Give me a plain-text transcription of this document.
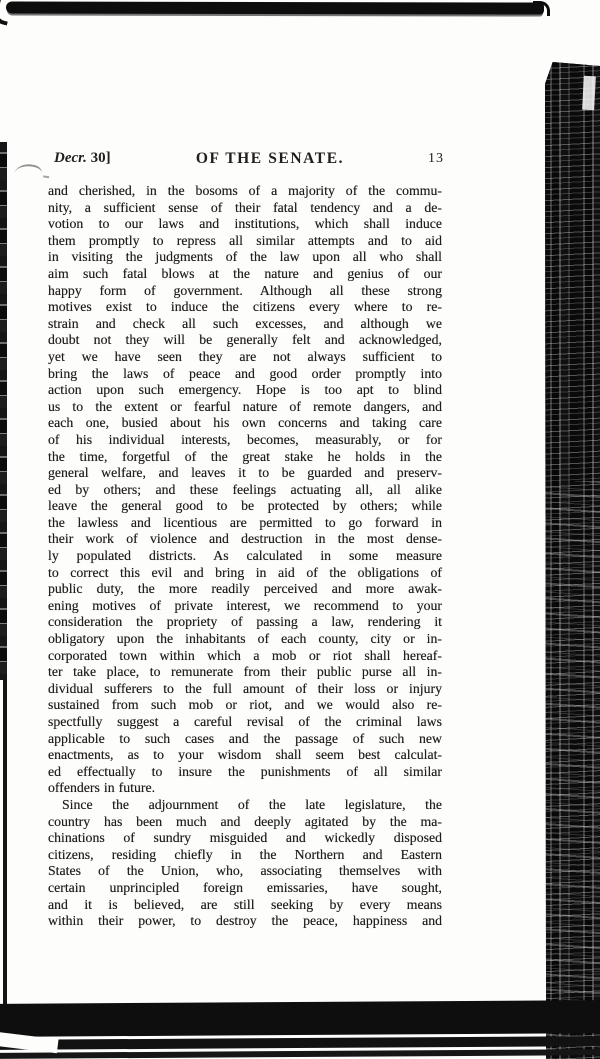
Decr. 30]	OF THE SENATE.	13
and cherished, in the bosoms of a majority of the commu-
nity, a sufficient sense of their fatal tendency and a de-
votion to our laws and institutions, which shall induce
them promptly to repress all similar attempts and to aid
in visiting the judgments of the law upon all who shall
aim such fatal blows at the nature and genius of our
happy form of government. Although all these strong
motives exist to induce the citizens every where to re-
strain and check all such excesses, and although we
doubt not they will be generally felt and acknowledged,
yet we have seen they are not always sufficient to
bring the laws of peace and good order promptly into
action upon such emergency. Hope is too apt to blind
us to the extent or fearful nature of remote dangers, and
each one, busied about his own concerns and taking care
of his individual interests, becomes, measurably, or for
the time, forgetful of the great stake he holds in the
general welfare, and leaves it to be guarded and preserv-
ed by others; and these feelings actuating all, all alike
leave the general good to be protected by others; while
the lawless and licentious are permitted to go forward in
their work of violence and destruction in the most dense-
ly populated districts. As calculated in some measure
to correct this evil and bring in aid of the obligations of
public duty, the more readily perceived and more awak-
ening motives of private interest, we recommend to your
consideration the propriety of passing a law, rendering it
obligatory upon the inhabitants of each county, city or in-
corporated town within which a mob or riot shall hereaf-
ter take place, to remunerate from their public purse all in-
dividual sufferers to the full amount of their loss or injury
sustained from such mob or riot, and we would also re-
spectfully suggest a careful revisal of the criminal laws
applicable to such cases and the passage of such new
enactments, as to your wisdom shall seem best calculat-
ed effectually to insure the punishments of all similar
offenders in future.
Since the adjournment of the late legislature, the
country has been much and deeply agitated by the ma-
chinations of sundry misguided and wickedly disposed
citizens, residing chiefly in the Northern and Eastern
States of the Union, who, associating themselves with
certain unprincipled foreign emissaries, have sought,
and it is believed, are still seeking by every means
within their power, to destroy the peace, happiness and
